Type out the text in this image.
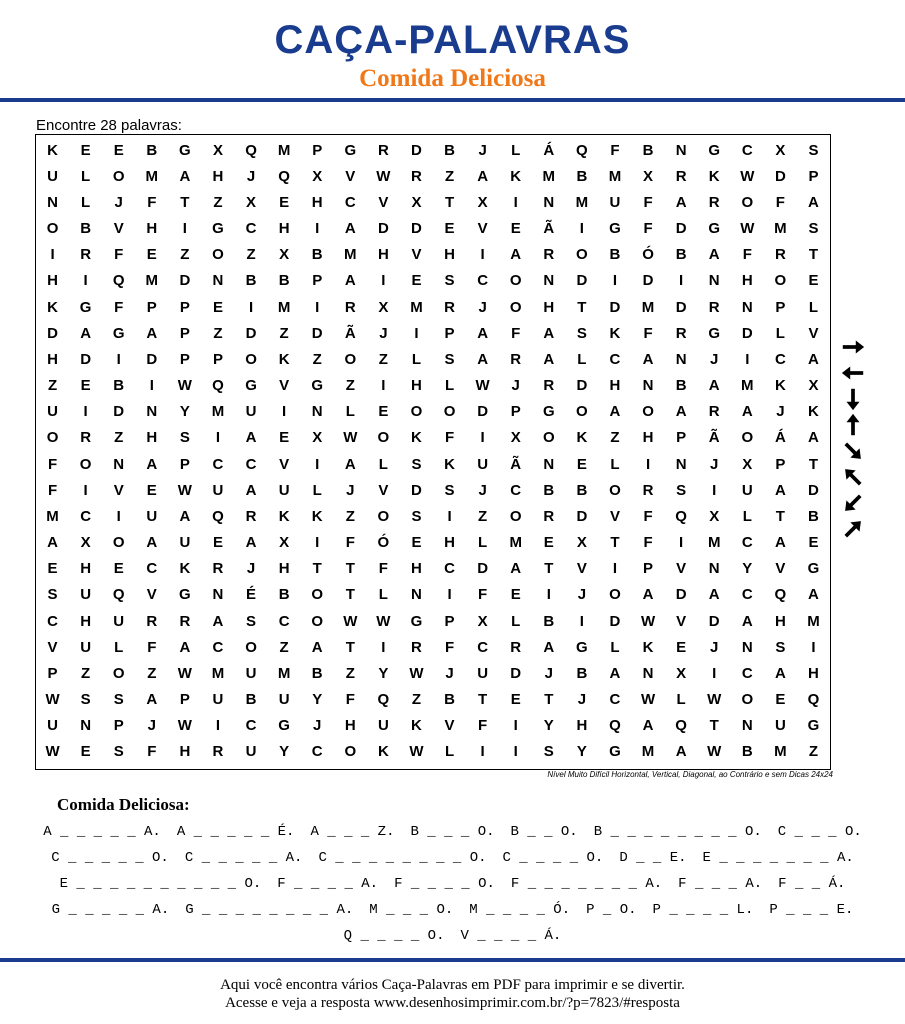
CAÇA-PALAVRAS
Comida Deliciosa
Encontre 28 palavras:
K	E	E	B	G	X	Q	M	P	G	R	D	B	J	L	Á	Q	F	B	N	G	C	X	S
U	L	O	M	A	H	J	Q	X	V	W	R	Z	A	K	M	B	M	X	R	K	W	D	P
N	L	J	F	T	Z	X	E	H	C	V	X	T	X	I	N	M	U	F	A	R	O	F	A
O	B	V	H	I	G	C	H	I	A	D	D	E	V	E	Ã	I	G	F	D	G	W	M	S
I	R	F	E	Z	O	Z	X	B	M	H	V	H	I	A	R	O	B	Ó	B	A	F	R	T
H	I	Q	M	D	N	B	B	P	A	I	E	S	C	O	N	D	I	D	I	N	H	O	E
K	G	F	P	P	E	I	M	I	R	X	M	R	J	O	H	T	D	M	D	R	N	P	L
D	A	G	A	P	Z	D	Z	D	Ã	J	I	P	A	F	A	S	K	F	R	G	D	L	V
H	D	I	D	P	P	O	K	Z	O	Z	L	S	A	R	A	L	C	A	N	J	I	C	A
Z	E	B	I	W	Q	G	V	G	Z	I	H	L	W	J	R	D	H	N	B	A	M	K	X
U	I	D	N	Y	M	U	I	N	L	E	O	O	D	P	G	O	A	O	A	R	A	J	K
O	R	Z	H	S	I	A	E	X	W	O	K	F	I	X	O	K	Z	H	P	Ã	O	Á	A
F	O	N	A	P	C	C	V	I	A	L	S	K	U	Ã	N	E	L	I	N	J	X	P	T
F	I	V	E	W	U	A	U	L	J	V	D	S	J	C	B	B	O	R	S	I	U	A	D
M	C	I	U	A	Q	R	K	K	Z	O	S	I	Z	O	R	D	V	F	Q	X	L	T	B
A	X	O	A	U	E	A	X	I	F	Ó	E	H	L	M	E	X	T	F	I	M	C	A	E
E	H	E	C	K	R	J	H	T	T	F	H	C	D	A	T	V	I	P	V	N	Y	V	G
S	U	Q	V	G	N	É	B	O	T	L	N	I	F	E	I	J	O	A	D	A	C	Q	A
C	H	U	R	R	A	S	C	O	W	W	G	P	X	L	B	I	D	W	V	D	A	H	M
V	U	L	F	A	C	O	Z	A	T	I	R	F	C	R	A	G	L	K	E	J	N	S	I
P	Z	O	Z	W	M	U	M	B	Z	Y	W	J	U	D	J	B	A	N	X	I	C	A	H
W	S	S	A	P	U	B	U	Y	F	Q	Z	B	T	E	T	J	C	W	L	W	O	E	Q
U	N	P	J	W	I	C	G	J	H	U	K	V	F	I	Y	H	Q	A	Q	T	N	U	G
W	E	S	F	H	R	U	Y	C	O	K	W	L	I	I	S	Y	G	M	A	W	B	M	Z
Nível Muito Difícil Horizontal, Vertical, Diagonal, ao Contrário e sem Dicas 24x24
Comida Deliciosa:
A _ _ _ _ _ A. A _ _ _ _ _ É. A _ _ _ Z. B _ _ _ O. B _ _ O. B _ _ _ _ _ _ _ _ O. C _ _ _ O.
C _ _ _ _ _ O. C _ _ _ _ _ A. C _ _ _ _ _ _ _ _ O. C _ _ _ _ O. D _ _ E. E _ _ _ _ _ _ _ A.
E _ _ _ _ _ _ _ _ _ _ O. F _ _ _ _ A. F _ _ _ _ O. F _ _ _ _ _ _ _ A. F _ _ _ A. F _ _ Á.
G _ _ _ _ _ A. G _ _ _ _ _ _ _ _ A. M _ _ _ O. M _ _ _ _ Ó. P _ O. P _ _ _ _ L. P _ _ _ E.
Q _ _ _ _ O. V _ _ _ _ Á.
Aqui você encontra vários Caça-Palavras em PDF para imprimir e se divertir.
Acesse e veja a resposta www.desenhosimprimir.com.br/?p=7823/#resposta
